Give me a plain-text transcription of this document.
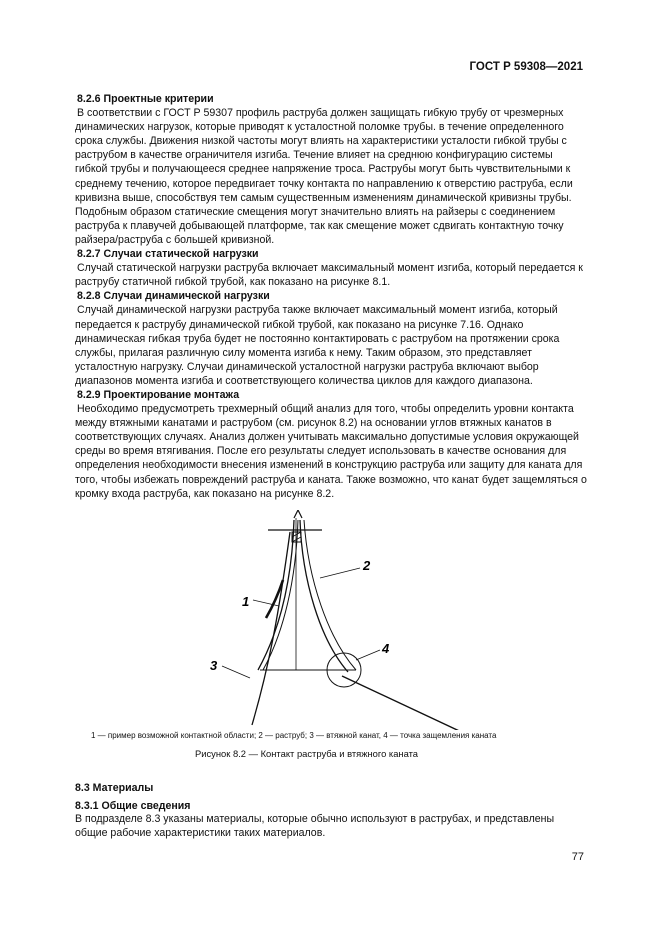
ГОСТ Р 59308—2021
8.2.6 Проектные критерии
В соответствии с ГОСТ Р 59307 профиль раструба должен защищать гибкую трубу от чрезмерных динамических нагрузок, которые приводят к усталостной поломке трубы. в течение определенного срока службы. Движения низкой частоты могут влиять на характеристики усталости гибкой трубы с раструбом в качестве ограничителя изгиба. Течение влияет на среднюю конфигурацию системы гибкой трубы и получающееся среднее напряжение троса. Раструбы могут быть чувствительными к среднему течению, которое передвигает точку контакта по направлению к отверстию раструба, если кривизна выше, способствуя тем самым существенным изменениям динамической кривизны трубы. Подобным образом статические смещения могут значительно влиять на райзеры с соединением раструба к плавучей добывающей платформе, так как смещение может сдвигать контактную точку райзера/раструба с большей кривизной.
8.2.7 Случаи статической нагрузки
Случай статической нагрузки раструба включает максимальный момент изгиба, который передается к раструбу статичной гибкой трубой, как показано на рисунке 8.1.
8.2.8 Случаи динамической нагрузки
Случай динамической нагрузки раструба также включает максимальный момент изгиба, который передается к раструбу динамической гибкой трубой, как показано на рисунке 7.16. Однако динамическая гибкая труба будет не постоянно контактировать с раструбом на протяжении срока службы, прилагая различную силу момента изгиба к нему. Таким образом, это представляет усталостную нагрузку. Случаи динамической усталостной нагрузки раструба включают выбор диапазонов момента изгиба и соответствующего количества циклов для каждого диапазона.
8.2.9 Проектирование монтажа
Необходимо предусмотреть трехмерный общий анализ для того, чтобы определить уровни контакта между втяжными канатами и раструбом (см. рисунок 8.2) на основании углов втяжных канатов в соответствующих случаях. Анализ должен учитывать максимально допустимые условия окружающей среды во время втягивания. После его результаты следует использовать в качестве основания для определения необходимости внесения изменений в конструкцию раструба или защиту для каната для того, чтобы избежать повреждений раструба и каната. Также возможно, что канат будет защемляться о кромку входа раструба, как показано на рисунке 8.2.
1
2
3
4
1 — пример возможной контактной области; 2 — раструб; 3 — втяжной канат, 4 — точка защемления каната
Рисунок 8.2 — Контакт раструба и втяжного каната
8.3 Материалы
8.3.1 Общие сведения
В подразделе 8.3 указаны материалы, которые обычно используют в раструбах, и представлены общие рабочие характеристики таких материалов.
77
